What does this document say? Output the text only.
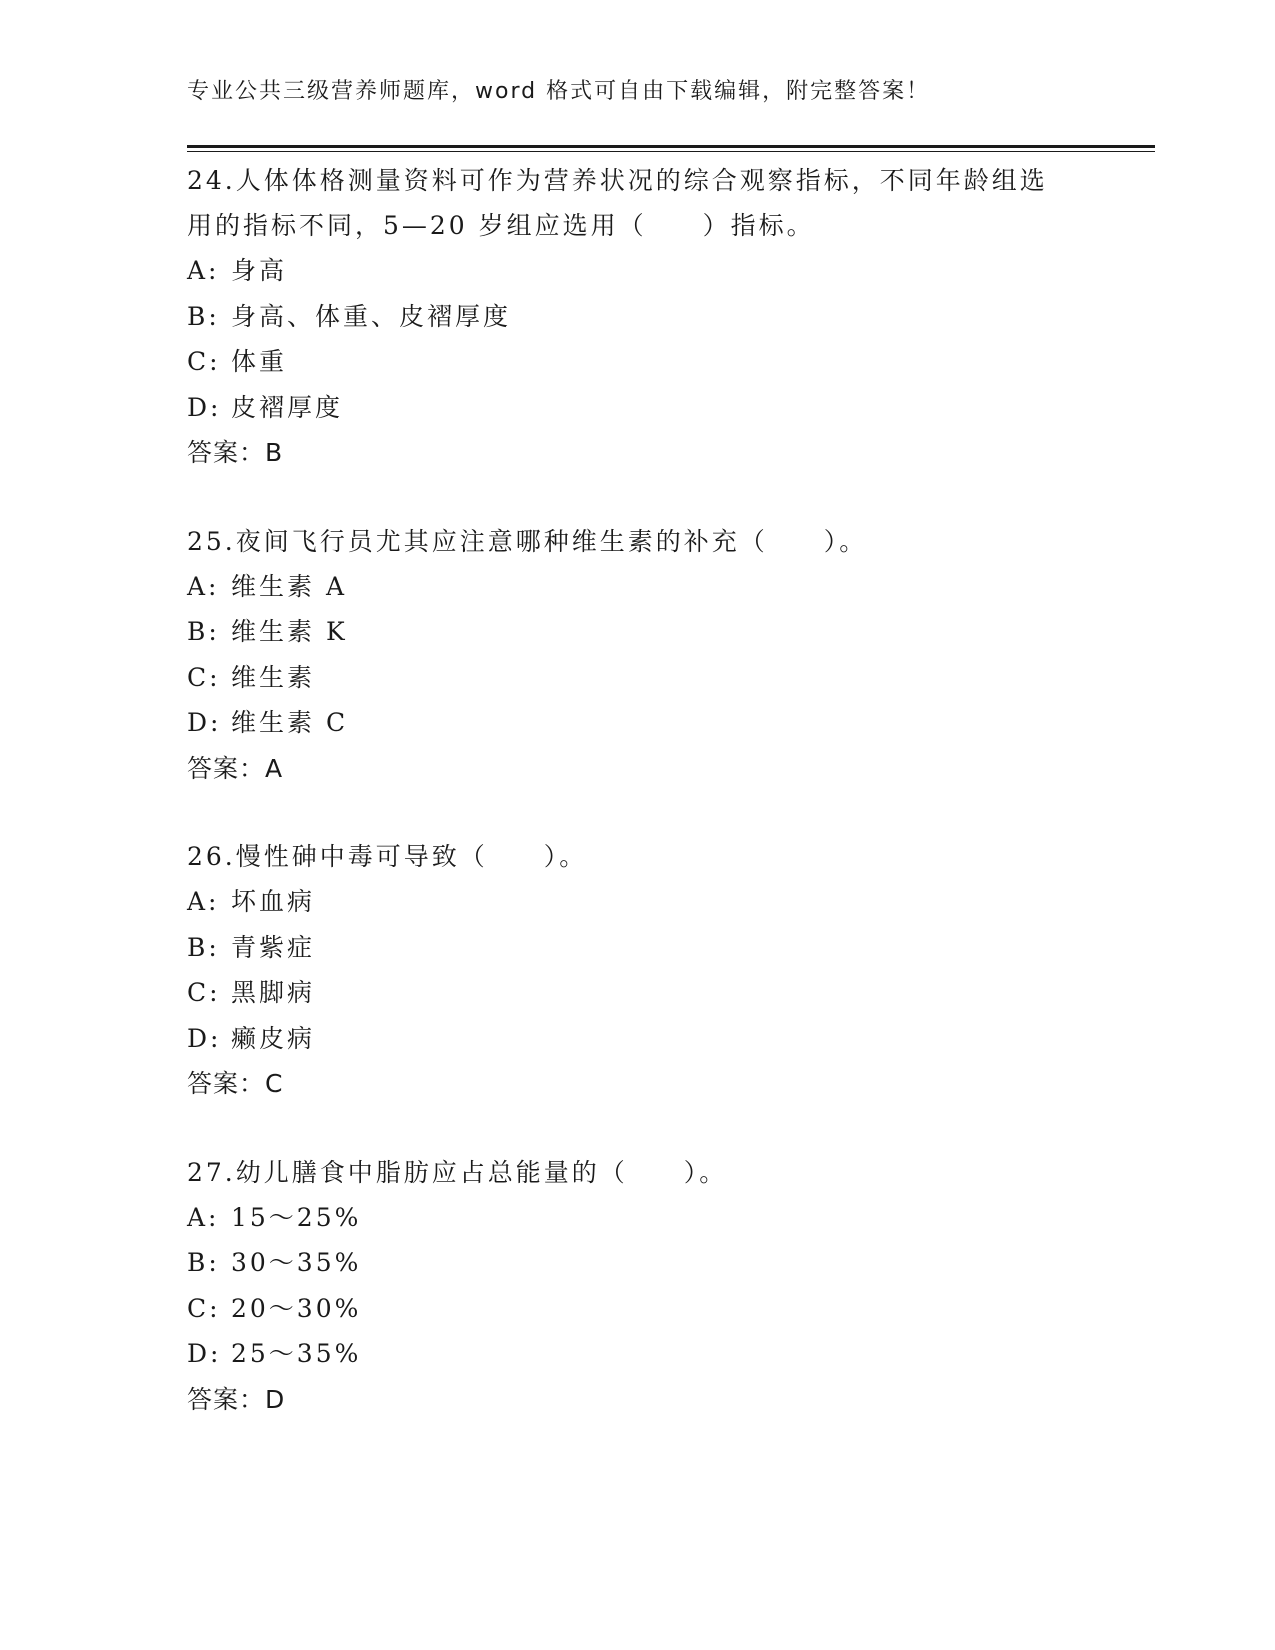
专业公共三级营养师题库，word 格式可自由下载编辑，附完整答案！

24.人体体格测量资料可作为营养状况的综合观察指标，不同年龄组选

用的指标不同，5—20 岁组应选用（　　）指标。

A: 身高

B: 身高、体重、皮褶厚度

C: 体重

D: 皮褶厚度

答案：B

25.夜间飞行员尤其应注意哪种维生素的补充（　　）。

A: 维生素 A

B: 维生素 K

C: 维生素

D: 维生素 C

答案：A

26.慢性砷中毒可导致（　　）。

A: 坏血病

B: 青紫症

C: 黑脚病

D: 癞皮病

答案：C

27.幼儿膳食中脂肪应占总能量的（　　）。

A: 15～25%

B: 30～35%

C: 20～30%

D: 25～35%

答案：D
